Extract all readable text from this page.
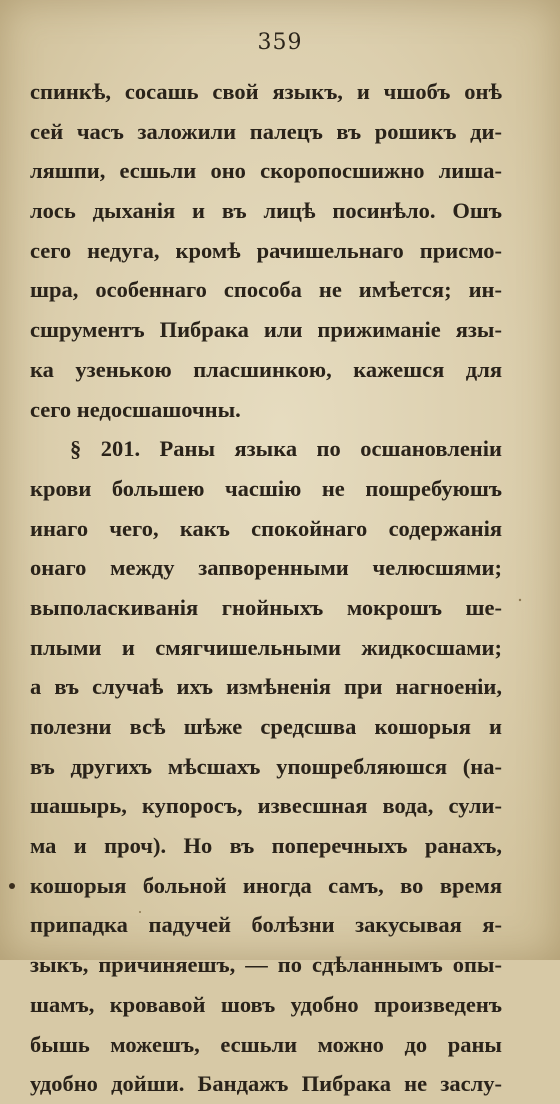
359
спинкѣ, сосашь свой языкъ, и чшобъ онѣ
сей часъ заложили палецъ въ рошикъ ди-
ляшпи, есшьли оно скоропосшижно лиша-
лось дыханія и въ лицѣ посинѣло. Ошъ
сего недуга, кромѣ рачишельнаго присмо-
шра, особеннаго способа не имѣется; ин-
сшрументъ Пибрака или прижиманіе язы-
ка узенькою пласшинкою, кажешся для
сего недосшашочны.
§ 201. Раны языка по осшановленіи
крови большею часшію не пошребуюшъ
инаго чего, какъ спокойнаго содержанія
онаго между запворенными челюсшями;
выполаскиванія гнойныхъ мокрошъ ше-
плыми и смягчишельными жидкосшами;
а въ случаѣ ихъ измѣненія при нагноеніи,
полезни всѣ шѣже средсшва кошорыя и
въ другихъ мѣсшахъ упошребляюшся (на-
шашырь, купоросъ, извесшная вода, сули-
ма и проч). Но въ поперечныхъ ранахъ,
кошорыя больной иногда самъ, во время
припадка падучей болѣзни закусывая я-
зыкъ, причиняешъ, — по сдѣланнымъ опы-
шамъ, кровавой шовъ удобно произведенъ
бышь можешъ, есшьли можно до раны
удобно дойши. Бандажъ Пибрака не заслу-
